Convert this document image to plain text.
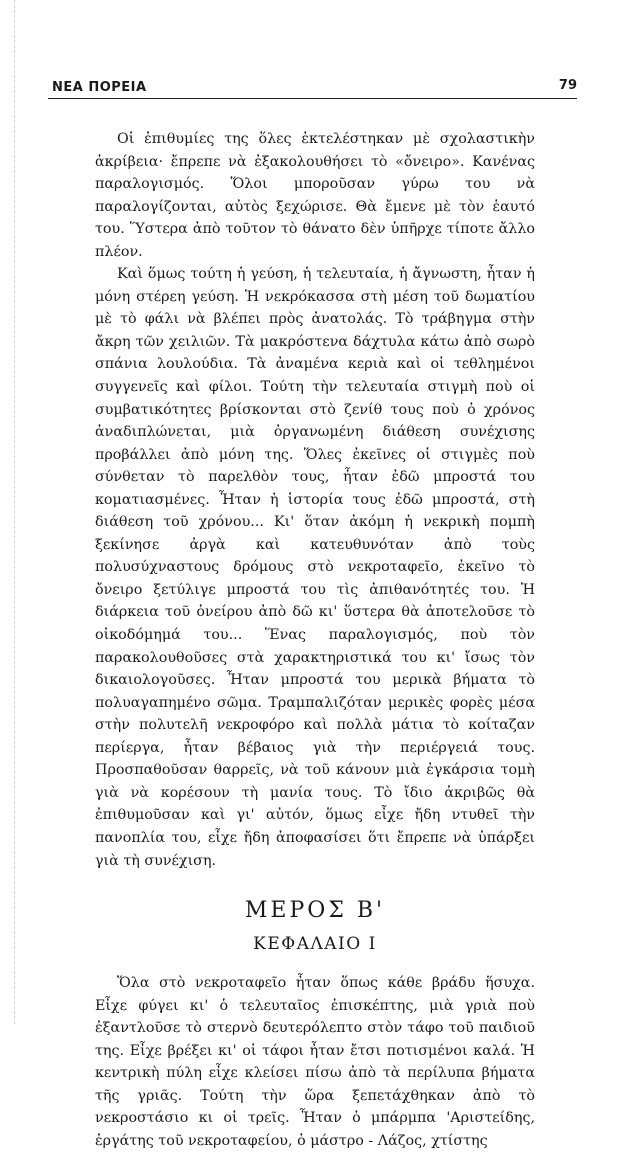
ΝΕΑ ΠΟΡΕΙΑ	79

Οἱ ἐπιθυμίες της ὅλες ἐκτελέστηκαν μὲ σχολαστικὴν ἀκρίβεια· ἔπρεπε νὰ ἐξακολουθήσει τὸ «ὄνειρο». Κανένας παραλογισμός. Ὅλοι μποροῦσαν γύρω του νὰ παραλογίζονται, αὐτὸς ξεχώρισε. Θὰ ἔμενε μὲ τὸν ἑαυτό του. Ὕστερα ἀπὸ τοῦτον τὸ θάνατο δὲν ὑπῆρχε τίποτε ἄλλο πλέον.

Καὶ ὅμως τούτη ἡ γεύση, ἡ τελευταία, ἡ ἄγνωστη, ἦταν ἡ μόνη στέρεη γεύση. Ἡ νεκρόκασσα στὴ μέση τοῦ δωματίου μὲ τὸ φάλι νὰ βλέπει πρὸς ἀνατολάς. Τὸ τράβηγμα στὴν ἄκρη τῶν χειλιῶν. Τὰ μακρόστενα δάχτυλα κάτω ἀπὸ σωρὸ σπάνια λουλούδια. Τὰ ἀναμένα κεριὰ καὶ οἱ τεθλημένοι συγγενεῖς καὶ φίλοι. Τούτη τὴν τελευταία στιγμὴ ποὺ οἱ συμβατικότητες βρίσκονται στὸ ζενίθ τους ποὺ ὁ χρόνος ἀναδιπλώνεται, μιὰ ὀργανωμένη διάθεση συνέχισης προβάλλει ἀπὸ μόνη της. Ὅλες ἐκεῖνες οἱ στιγμὲς ποὺ σύνθεταν τὸ παρελθὸν τους, ἦταν ἐδῶ μπροστά του κοματιασμένες. Ἦταν ἡ ἱστορία τους ἐδῶ μπροστά, στὴ διάθεση τοῦ χρόνου... Κι' ὅταν ἀκόμη ἡ νεκρικὴ πομπὴ ξεκίνησε ἀργὰ καὶ κατευθυνόταν ἀπὸ τοὺς πολυσύχναστους δρόμους στὸ νεκροταφεῖο, ἐκεῖνο τὸ ὄνειρο ξετύλιγε μπροστά του τὶς ἀπιθανότητές του. Ἡ διάρκεια τοῦ ὀνείρου ἀπὸ δῶ κι' ὕστερα θὰ ἀποτελοῦσε τὸ οἰκοδόμημά του... Ἕνας παραλογισμός, ποὺ τὸν παρακολουθοῦσες στὰ χαρακτηριστικά του κι' ἴσως τὸν δικαιολογοῦσες. Ἦταν μπροστά του μερικὰ βήματα τὸ πολυαγαπημένο σῶμα. Τραμπαλιζόταν μερικὲς φορὲς μέσα στὴν πολυτελῆ νεκροφόρο καὶ πολλὰ μάτια τὸ κοίταζαν περίεργα, ἦταν βέβαιος γιὰ τὴν περιέργειά τους. Προσπαθοῦσαν θαρρεῖς, νὰ τοῦ κάνουν μιὰ ἐγκάρσια τομὴ γιὰ νὰ κορέσουν τὴ μανία τους. Τὸ ἴδιο ἀκριβῶς θὰ ἐπιθυμοῦσαν καὶ γι' αὐτόν, ὅμως εἶχε ἤδη ντυθεῖ τὴν πανοπλία του, εἶχε ἤδη ἀποφασίσει ὅτι ἔπρεπε νὰ ὑπάρξει γιὰ τὴ συνέχιση.

ΜΕΡΟΣ Β'
ΚΕΦΑΛΑΙΟ Ι

Ὅλα στὸ νεκροταφεῖο ἦταν ὅπως κάθε βράδυ ἥσυχα. Εἶχε φύγει κι' ὁ τελευταῖος ἐπισκέπτης, μιὰ γριὰ ποὺ ἐξαντλοῦσε τὸ στερνὸ δευτερόλεπτο στὸν τάφο τοῦ παιδιοῦ της. Εἶχε βρέξει κι' οἱ τάφοι ἦταν ἔτσι ποτισμένοι καλά. Ἡ κεντρικὴ πύλη εἶχε κλείσει πίσω ἀπὸ τὰ περίλυπα βήματα τῆς γριᾶς. Τούτη τὴν ὥρα ξεπετάχθηκαν ἀπὸ τὸ νεκροστάσιο κι οἱ τρεῖς. Ἦταν ὁ μπάρμπα 'Αριστείδης, ἐργάτης τοῦ νεκροταφείου, ὁ μάστρο - Λάζος, χτίστης
